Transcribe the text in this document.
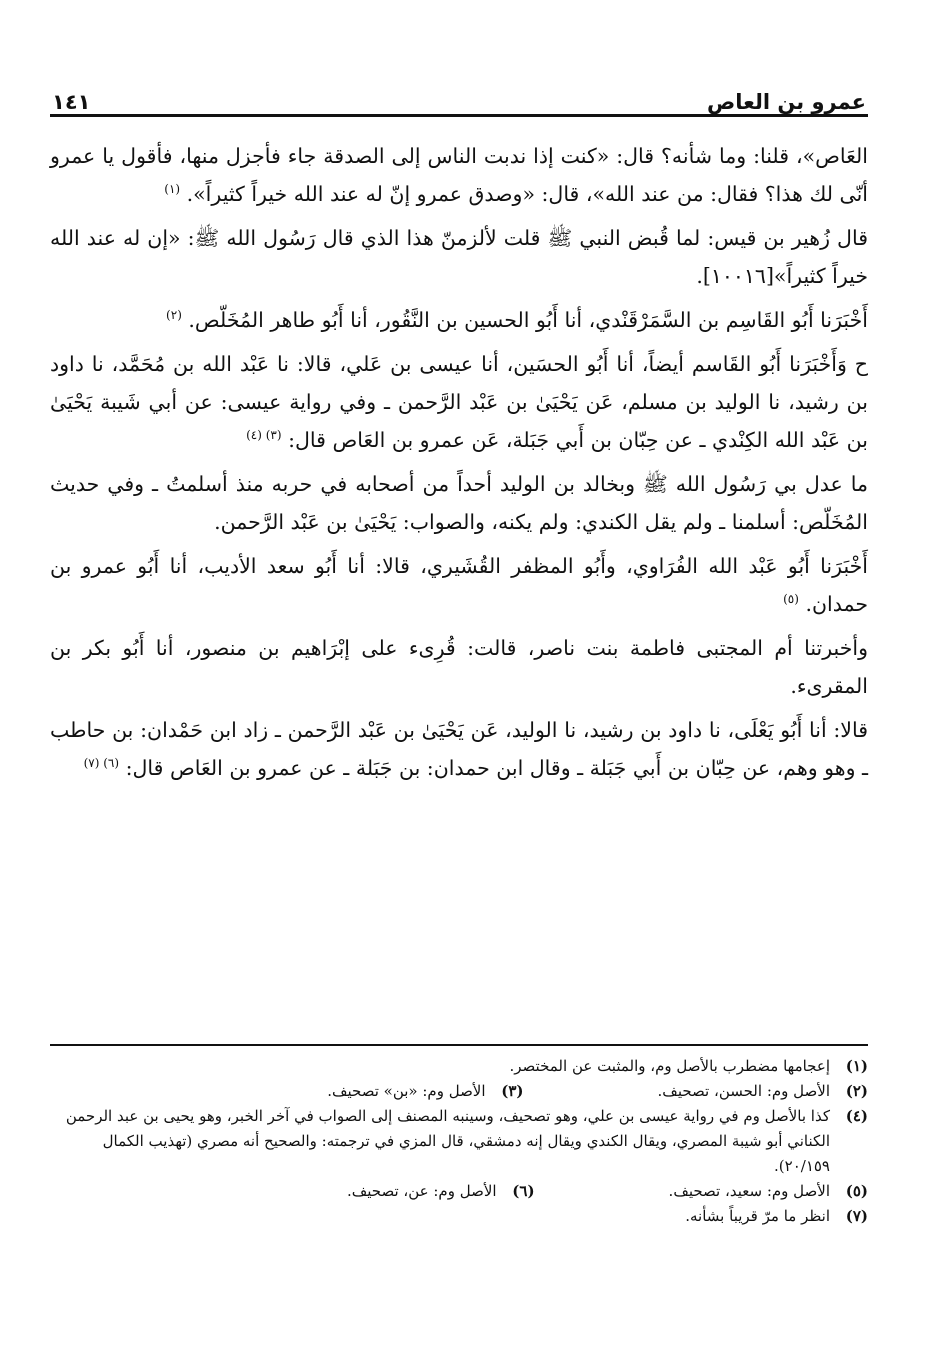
عمرو بن العاص
١٤١

العَاص»، قلنا: وما شأنه؟ قال: «كنت إذا ندبت الناس إلى الصدقة جاء فأجزل منها، فأقول يا عمرو أنّى لك هذا؟ فقال: من عند الله»، قال: «وصدق عمرو إنّ له عند الله خيراً كثيراً». $^{(١)}$

قال زُهير بن قيس: لما قُبض النبي ﷺ قلت لألزمنّ هذا الذي قال رَسُول الله ﷺ: «إن له عند الله خيراً كثيراً»[١٠٠١٦].

أَخْبَرَنا أَبُو القَاسِم بن السَّمَرْقَنْدي، أنا أَبُو الحسين بن النَّقُور، أنا أَبُو طاهر المُخَلّص. $^{(٢)}$

ح وَأَخْبَرَنا أَبُو القَاسم أيضاً، أنا أَبُو الحسَين، أنا عيسى بن عَلي، قالا: نا عَبْد الله بن مُحَمَّد، نا داود بن رشيد، نا الوليد بن مسلم، عَن يَحْيَىٰ بن عَبْد الرَّحمن ـ وفي رواية عيسى: عن أبي شَيبة يَحْيَىٰ بن عَبْد الله الكِنْدي ـ عن حِبّان بن أَبي جَبَلة، عَن عمرو بن العَاص قال: $^{(٣) (٤)}$

ما عدل بي رَسُول الله ﷺ وبخالد بن الوليد أحداً من أصحابه في حربه منذ أسلمتُ ـ وفي حديث المُخَلّص: أسلمنا ـ ولم يقل الكندي: ولم يكنه، والصواب: يَحْيَىٰ بن عَبْد الرَّحمن.

أَخْبَرَنا أَبُو عَبْد الله الفُرَاوي، وأَبُو المظفر القُشَيري، قالا: أنا أَبُو سعد الأديب، أنا أَبُو عمرو بن حمدان. $^{(٥)}$

وأخبرتنا أم المجتبى فاطمة بنت ناصر، قالت: قُرِىء على إبْرَاهيم بن منصور، أنا أَبُو بكر بن المقرىء.

قالا: أنا أَبُو يَعْلَى، نا داود بن رشيد، نا الوليد، عَن يَحْيَىٰ بن عَبْد الرَّحمن ـ زاد ابن حَمْدان: بن حاطب ـ وهو وهم، عن حِبّان بن أَبي جَبَلة ـ وقال ابن حمدان: بن جَبَلة ـ عن عمرو بن العَاص قال: $^{(٦) (٧)}$

(١)
إعجامها مضطرب بالأصل وم، والمثبت عن المختصر.
(٢)
الأصل وم: الحسن، تصحيف.
(٣)
الأصل وم: «بن» تصحيف.
(٤)
كذا بالأصل وم في رواية عيسى بن علي، وهو تصحيف، وسينبه المصنف إلى الصواب في آخر الخبر، وهو يحيى بن عبد الرحمن الكناني أبو شيبة المصري، ويقال الكندي ويقال إنه دمشقي، قال المزي في ترجمته: والصحيح أنه مصري (تهذيب الكمال ٢٠/١٥٩).
(٥)
الأصل وم: سعيد، تصحيف.
(٦)
الأصل وم: عن، تصحيف.
(٧)
انظر ما مرّ قريباً بشأنه.
